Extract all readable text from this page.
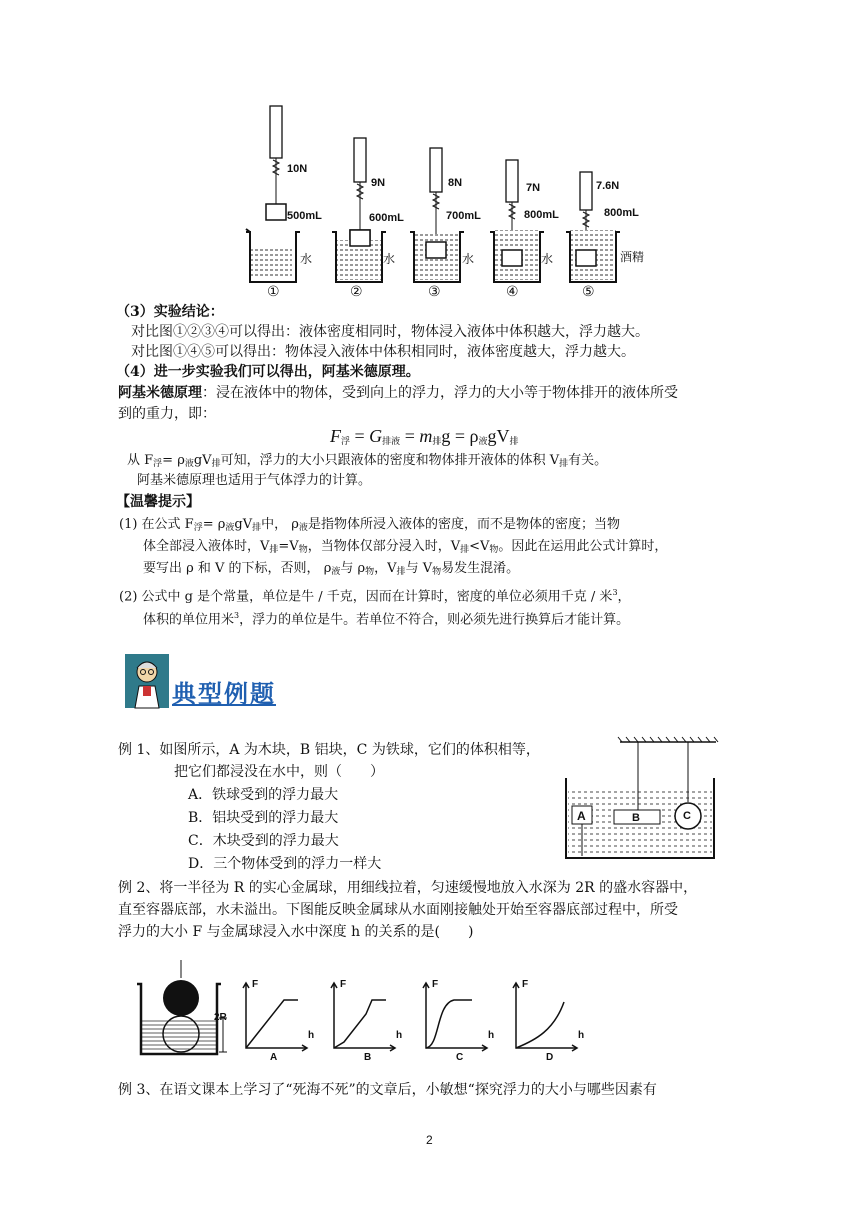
10N
500mL
9N
600mL
8N
700mL
7N
800mL
7.6N
800mL
水	水	水	水	酒精
①	②	③	④	⑤
（3）实验结论：
对比图①②③④可以得出：液体密度相同时，物体浸入液体中体积越大，浮力越大。
对比图①④⑤可以得出：物体浸入液体中体积相同时，液体密度越大，浮力越大。
（4）进一步实验我们可以得出，阿基米德原理。
阿基米德原理：浸在液体中的物体，受到向上的浮力，浮力的大小等于物体排开的液体所受
到的重力，即：
$F_浮 = G_{排液} = m_排g = \rho_液gV_排$
从 $F_浮= \rho_液gV_排$可知，浮力的大小只跟液体的密度和物体排开液体的体积 $V_排$有关。
阿基米德原理也适用于气体浮力的计算。
【温馨提示】
(1) 在公式 $F_浮= \rho_液gV_排$中， $\rho_液$是指物体所浸入液体的密度，而不是物体的密度；当物
体全部浸入液体时，$V_排=V_物$，当物体仅部分浸入时，$V_排<V_物$。因此在运用此公式计算时，
要写出 ρ 和 V 的下标，否则， $\rho_液$与 $\rho_物$，$V_排$与 $V_物$易发生混淆。
(2) 公式中 g 是个常量，单位是牛 / 千克，因而在计算时，密度的单位必须用千克 / 米$^3$，
体积的单位用米$^3$，浮力的单位是牛。若单位不符合，则必须先进行换算后才能计算。
典型例题
例 1、如图所示，A 为木块，B 铝块，C 为铁球，它们的体积相等，
把它们都浸没在水中，则（　　）
A．铁球受到的浮力最大
B．铝块受到的浮力最大
C．木块受到的浮力最大
D．三个物体受到的浮力一样大
A	B	C
例 2、将一半径为 R 的实心金属球，用细线拉着，匀速缓慢地放入水深为 2R 的盛水容器中，
直至容器底部，水未溢出。下图能反映金属球从水面刚接触处开始至容器底部过程中，所受
浮力的大小 F 与金属球浸入水中深度 h 的关系的是(　　)
2R
F
h
F
h
F
h
F
h
A	B	C	D
例 3、在语文课本上学习了“死海不死”的文章后，小敏想“探究浮力的大小与哪些因素有
2
